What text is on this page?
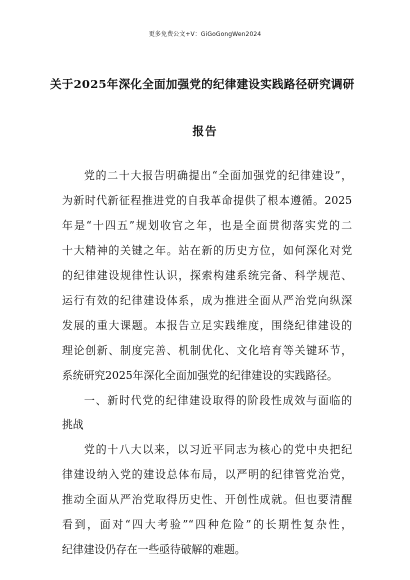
更多免费公文+V：GiGoGongWen2024
关于2025年深化全面加强党的纪律建设实践路径研究调研
报告
党的二十大报告明确提出“全面加强党的纪律建设”，
为新时代新征程推进党的自我革命提供了根本遵循。2025
年是“十四五”规划收官之年，也是全面贯彻落实党的二
十大精神的关键之年。站在新的历史方位，如何深化对党
的纪律建设规律性认识，探索构建系统完备、科学规范、
运行有效的纪律建设体系，成为推进全面从严治党向纵深
发展的重大课题。本报告立足实践维度，围绕纪律建设的
理论创新、制度完善、机制优化、文化培育等关键环节，
系统研究2025年深化全面加强党的纪律建设的实践路径。
一、新时代党的纪律建设取得的阶段性成效与面临的
挑战
党的十八大以来，以习近平同志为核心的党中央把纪
律建设纳入党的建设总体布局，以严明的纪律管党治党，
推动全面从严治党取得历史性、开创性成就。但也要清醒
看到，面对“四大考验”“四种危险”的长期性复杂性，
纪律建设仍存在一些亟待破解的难题。
